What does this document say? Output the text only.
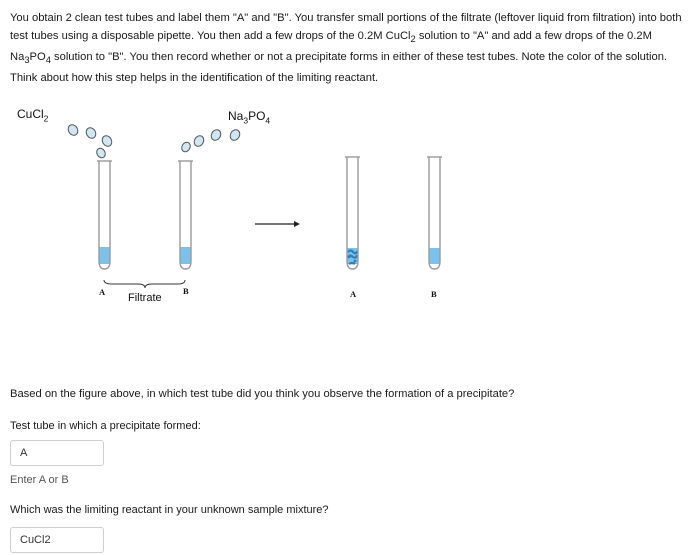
You obtain 2 clean test tubes and label them "A" and "B". You transfer small portions of the filtrate (leftover liquid from filtration) into both
test tubes using a disposable pipette. You then add a few drops of the 0.2M CuCl$_2$ solution to "A" and add a few drops of the 0.2M
$Na_3PO_4$ solution to "B". You then record whether or not a precipitate forms in either of these test tubes. Note the color of the solution.
Think about how this step helps in the identification of the limiting reactant.
CuCl$_2$	$Na_3PO_4$
A	B
Filtrate	A	B
Based on the figure above, in which test tube did you think you observe the formation of a precipitate?
Test tube in which a precipitate formed:
A
Enter A or B
Which was the limiting reactant in your unknown sample mixture?
CuCl2
